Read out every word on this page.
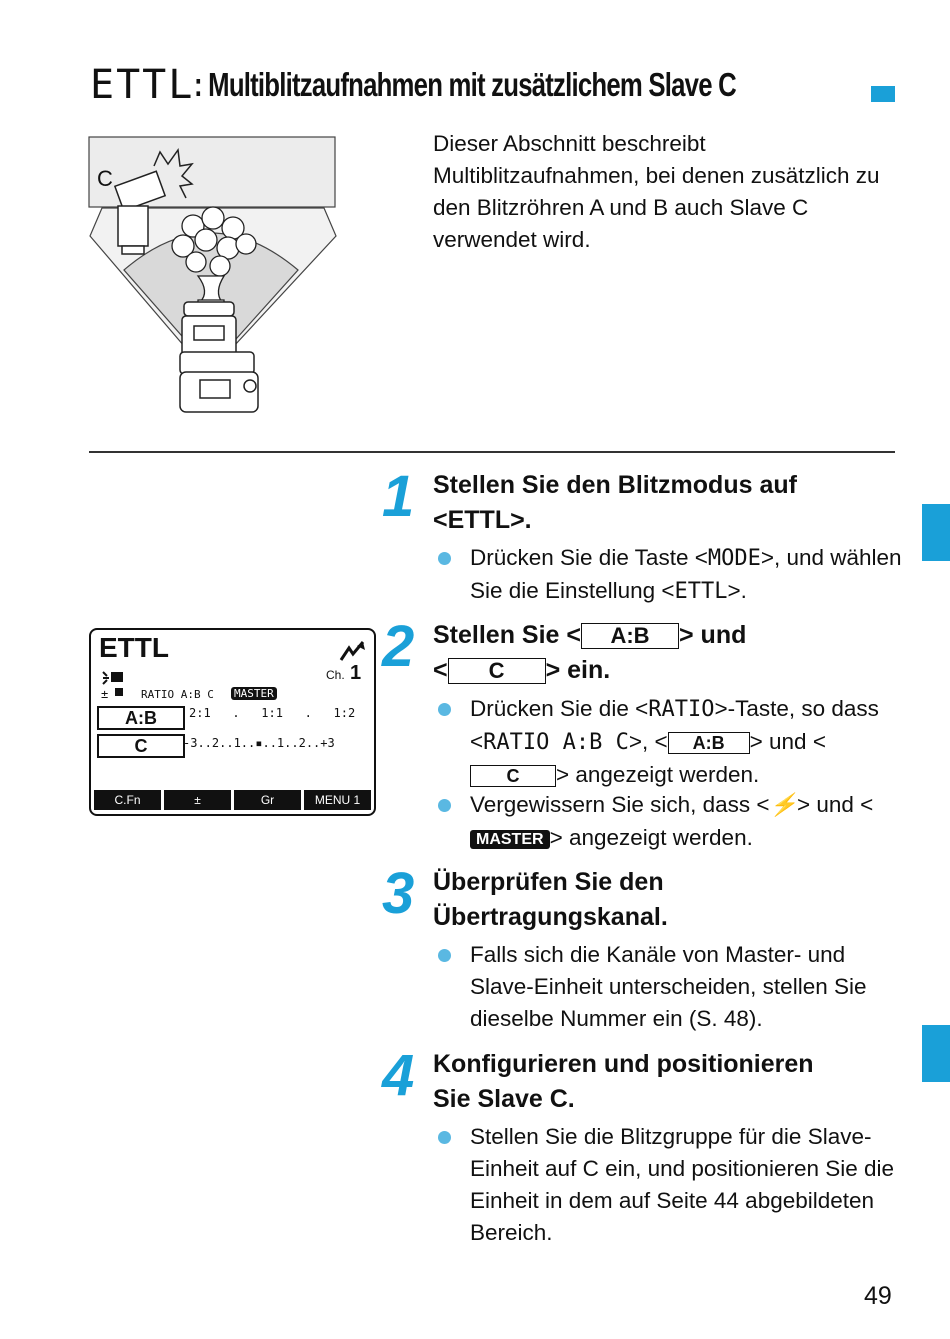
ETTL: Multiblitzaufnahmen mit zusätzlichem Slave C
C
Dieser Abschnitt beschreibt Multiblitzaufnahmen, bei denen zusätzlich zu den Blitzröhren A und B auch Slave C verwendet wird.
ETTL
Ch. 1
±	RATIO A:B C MASTER
A:B	2:1   .   1:1   .   1:2
C	-3..2..1..▪..1..2..+3
C.Fn	±	Gr	MENU 1
1 Stellen Sie den Blitzmodus auf
<ETTL>.
Drücken Sie die Taste <MODE>, und wählen Sie die Einstellung <ETTL>.
2 Stellen Sie < A:B > und
< C > ein.
Drücken Sie die <RATIO>-Taste, so dass <RATIO A:B C>, < A:B > und <C > angezeigt werden.
Vergewissern Sie sich, dass <⚡> und <MASTER > angezeigt werden.
3 Überprüfen Sie den
Übertragungskanal.
Falls sich die Kanäle von Master- und Slave-Einheit unterscheiden, stellen Sie dieselbe Nummer ein (S. 48).
4 Konfigurieren und positionieren
Sie Slave C.
Stellen Sie die Blitzgruppe für die Slave-Einheit auf C ein, und positionieren Sie die Einheit in dem auf Seite 44 abgebildeten Bereich.
49
